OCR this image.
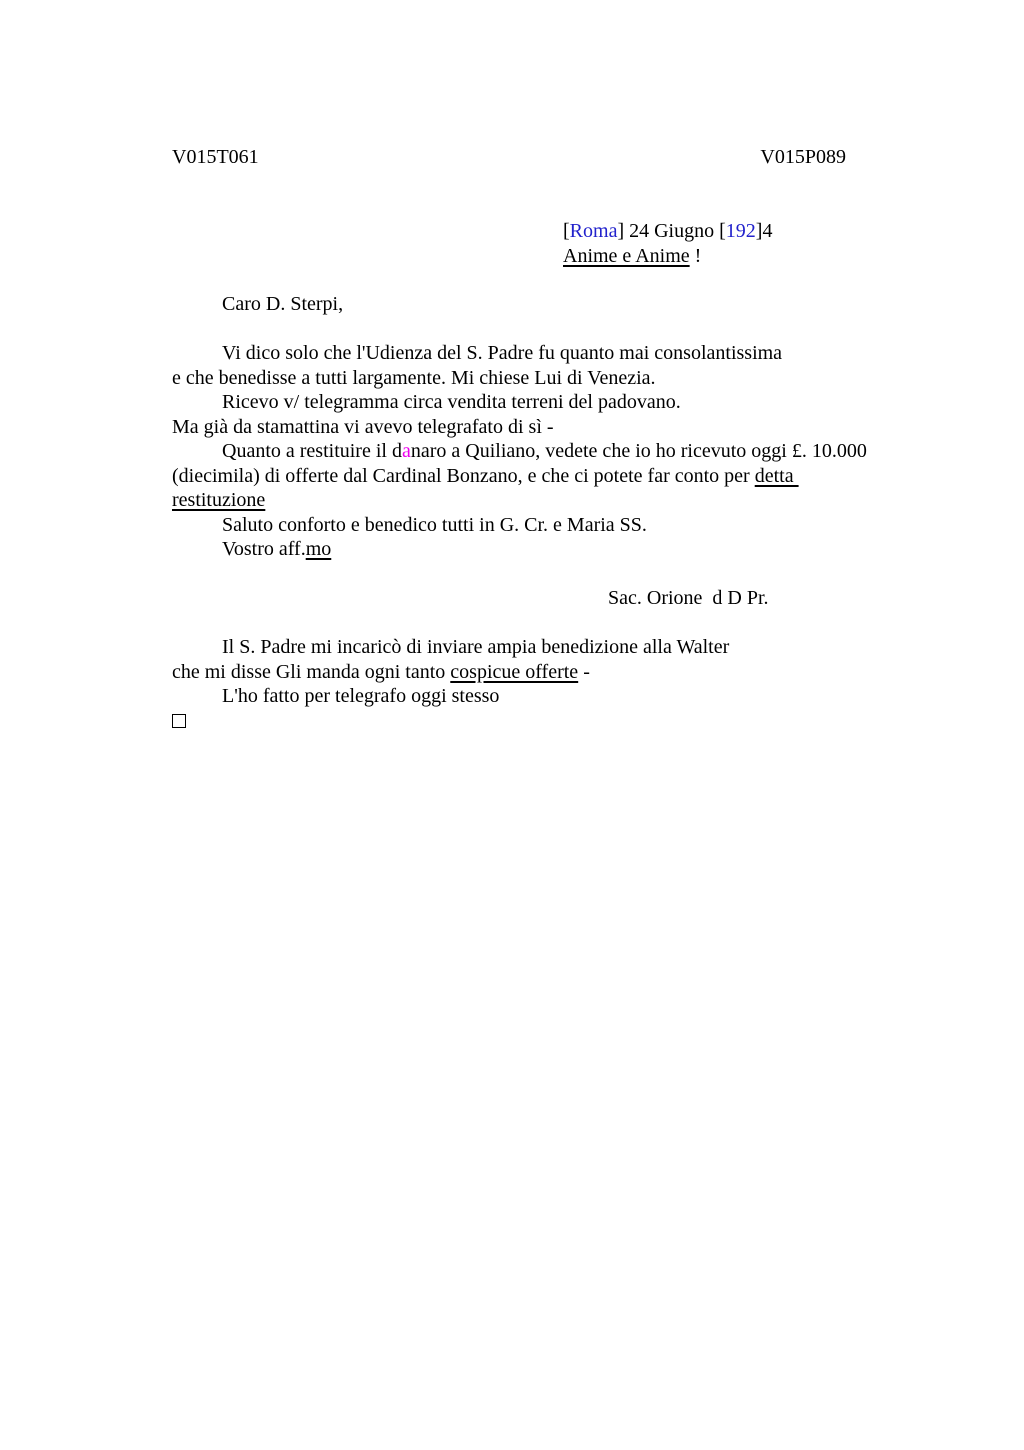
V015T061	V015P089
[Roma] 24 Giugno [192]4
Anime e Anime !
Caro D. Sterpi,
Vi dico solo che l'Udienza del S. Padre fu quanto mai consolantissima
e che benedisse a tutti largamente. Mi chiese Lui di Venezia.
Ricevo v/ telegramma circa vendita terreni del padovano.
Ma già da stamattina vi avevo telegrafato di sì -
Quanto a restituire il danaro a Quiliano, vedete che io ho ricevuto oggi £. 10.000
(diecimila) di offerte dal Cardinal Bonzano, e che ci potete far conto per detta
restituzione
Saluto conforto e benedico tutti in G. Cr. e Maria SS.
Vostro aff.mo
Sac. Orione  d D Pr.
Il S. Padre mi incaricò di inviare ampia benedizione alla Walter
che mi disse Gli manda ogni tanto cospicue offerte -
L'ho fatto per telegrafo oggi stesso
